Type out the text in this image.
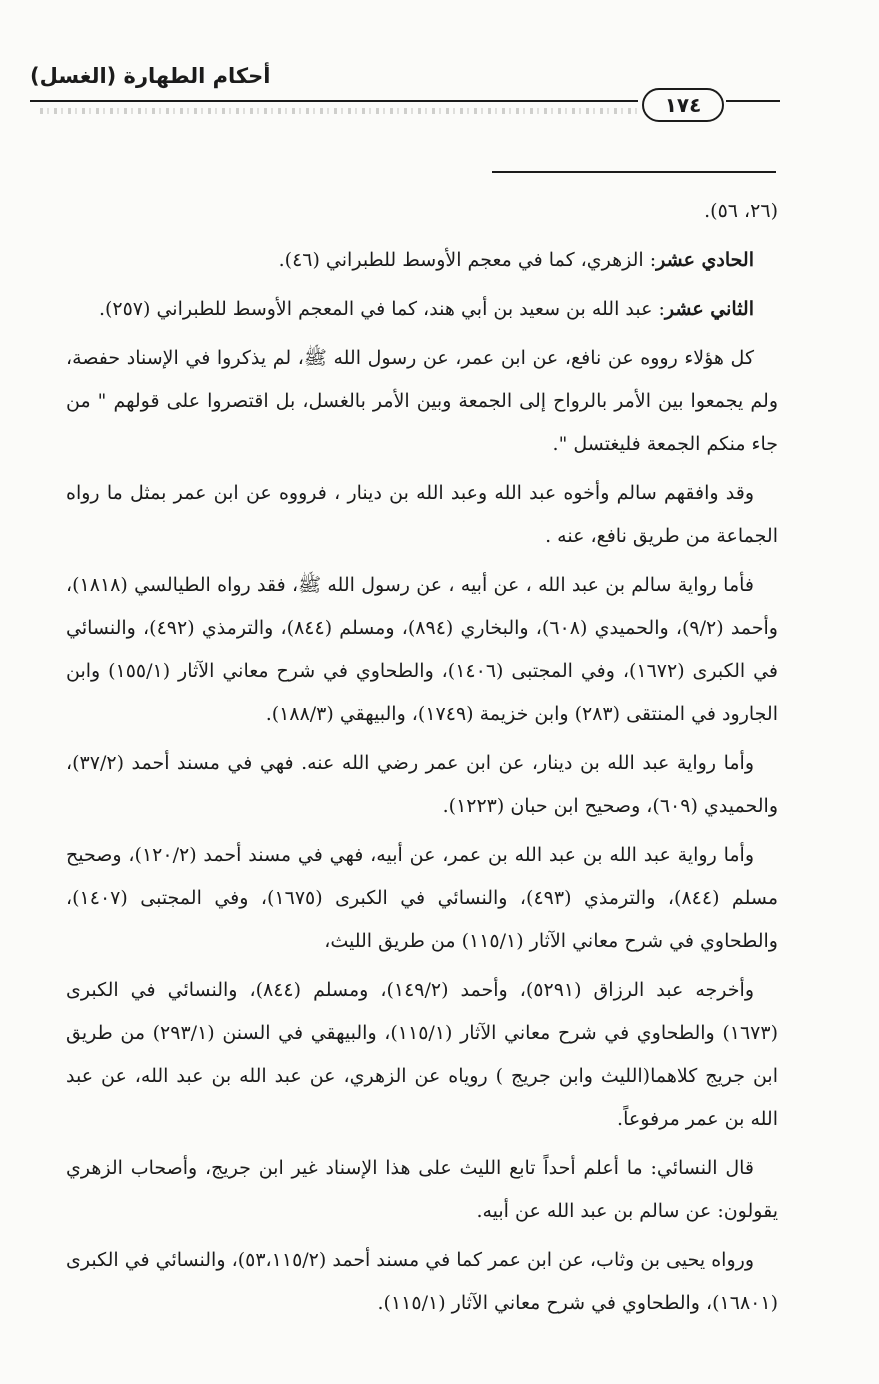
أحكام الطهارة (الغسل)
١٧٤

(٢٦، ٥٦).

الحادي عشر: الزهري، كما في معجم الأوسط للطبراني (٤٦).

الثاني عشر: عبد الله بن سعيد بن أبي هند، كما في المعجم الأوسط للطبراني (٢٥٧).

كل هؤلاء رووه عن نافع، عن ابن عمر، عن رسول الله ﷺ، لم يذكروا في الإسناد حفصة، ولم يجمعوا بين الأمر بالرواح إلى الجمعة وبين الأمر بالغسل، بل اقتصروا على قولهم " من جاء منكم الجمعة فليغتسل ".

وقد وافقهم سالم وأخوه عبد الله وعبد الله بن دينار ، فرووه عن ابن عمر بمثل ما رواه الجماعة من طريق نافع، عنه .

فأما رواية سالم بن عبد الله ، عن أبيه ، عن رسول الله ﷺ، فقد رواه الطيالسي (١٨١٨)، وأحمد (٩/٢)، والحميدي (٦٠٨)، والبخاري (٨٩٤)، ومسلم (٨٤٤)، والترمذي (٤٩٢)، والنسائي في الكبرى (١٦٧٢)، وفي المجتبى (١٤٠٦)، والطحاوي في شرح معاني الآثار (١٥٥/١) وابن الجارود في المنتقى (٢٨٣) وابن خزيمة (١٧٤٩)، والبيهقي (١٨٨/٣).

وأما رواية عبد الله بن دينار، عن ابن عمر رضي الله عنه. فهي في مسند أحمد (٣٧/٢)، والحميدي (٦٠٩)، وصحيح ابن حبان (١٢٢٣).

وأما رواية عبد الله بن عبد الله بن عمر، عن أبيه، فهي في مسند أحمد (١٢٠/٢)، وصحيح مسلم (٨٤٤)، والترمذي (٤٩٣)، والنسائي في الكبرى (١٦٧٥)، وفي المجتبى (١٤٠٧)، والطحاوي في شرح معاني الآثار (١١٥/١) من طريق الليث،

وأخرجه عبد الرزاق (٥٢٩١)، وأحمد (١٤٩/٢)، ومسلم (٨٤٤)، والنسائي في الكبرى (١٦٧٣) والطحاوي في شرح معاني الآثار (١١٥/١)، والبيهقي في السنن (٢٩٣/١) من طريق ابن جريج كلاهما(الليث وابن جريج ) روياه عن الزهري، عن عبد الله بن عبد الله، عن عبد الله بن عمر مرفوعاً.

قال النسائي: ما أعلم أحداً تابع الليث على هذا الإسناد غير ابن جريج، وأصحاب الزهري يقولون: عن سالم بن عبد الله عن أبيه.

ورواه يحيى بن وثاب، عن ابن عمر كما في مسند أحمد (٥٣،١١٥/٢)، والنسائي في الكبرى (١٦٨٠١)، والطحاوي في شرح معاني الآثار (١١٥/١).
